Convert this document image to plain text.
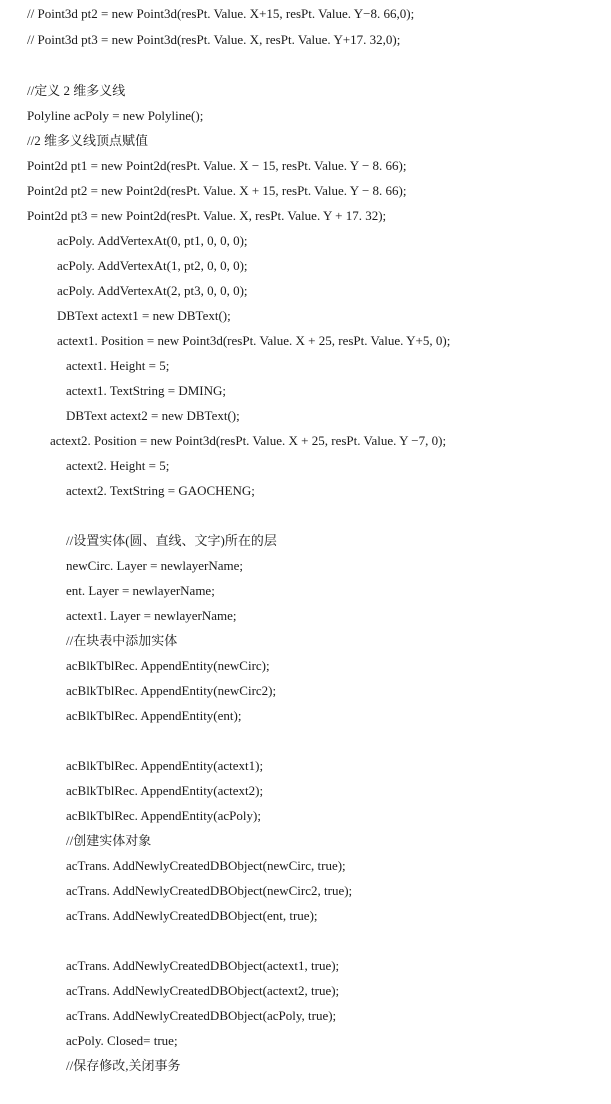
// Point3d pt2 = new Point3d(resPt. Value. X+15, resPt. Value. Y−8. 66,0);
// Point3d pt3 = new Point3d(resPt. Value. X, resPt. Value. Y+17. 32,0);
//定义 2 维多义线
Polyline acPoly = new Polyline();
//2 维多义线顶点赋值
Point2d pt1 = new Point2d(resPt. Value. X − 15, resPt. Value. Y − 8. 66);
Point2d pt2 = new Point2d(resPt. Value. X + 15, resPt. Value. Y − 8. 66);
Point2d pt3 = new Point2d(resPt. Value. X, resPt. Value. Y + 17. 32);
acPoly. AddVertexAt(0, pt1, 0, 0, 0);
acPoly. AddVertexAt(1, pt2, 0, 0, 0);
acPoly. AddVertexAt(2, pt3, 0, 0, 0);
DBText actext1 = new DBText();
actext1. Position = new Point3d(resPt. Value. X + 25, resPt. Value. Y+5, 0);
actext1. Height = 5;
actext1. TextString = DMING;
DBText actext2 = new DBText();
actext2. Position = new Point3d(resPt. Value. X + 25, resPt. Value. Y −7, 0);
actext2. Height = 5;
actext2. TextString = GAOCHENG;
//设置实体(圆、直线、文字)所在的层
newCirc. Layer = newlayerName;
ent. Layer = newlayerName;
actext1. Layer = newlayerName;
//在块表中添加实体
acBlkTblRec. AppendEntity(newCirc);
acBlkTblRec. AppendEntity(newCirc2);
acBlkTblRec. AppendEntity(ent);
acBlkTblRec. AppendEntity(actext1);
acBlkTblRec. AppendEntity(actext2);
acBlkTblRec. AppendEntity(acPoly);
//创建实体对象
acTrans. AddNewlyCreatedDBObject(newCirc, true);
acTrans. AddNewlyCreatedDBObject(newCirc2, true);
acTrans. AddNewlyCreatedDBObject(ent, true);
acTrans. AddNewlyCreatedDBObject(actext1, true);
acTrans. AddNewlyCreatedDBObject(actext2, true);
acTrans. AddNewlyCreatedDBObject(acPoly, true);
acPoly. Closed= true;
//保存修改,关闭事务
